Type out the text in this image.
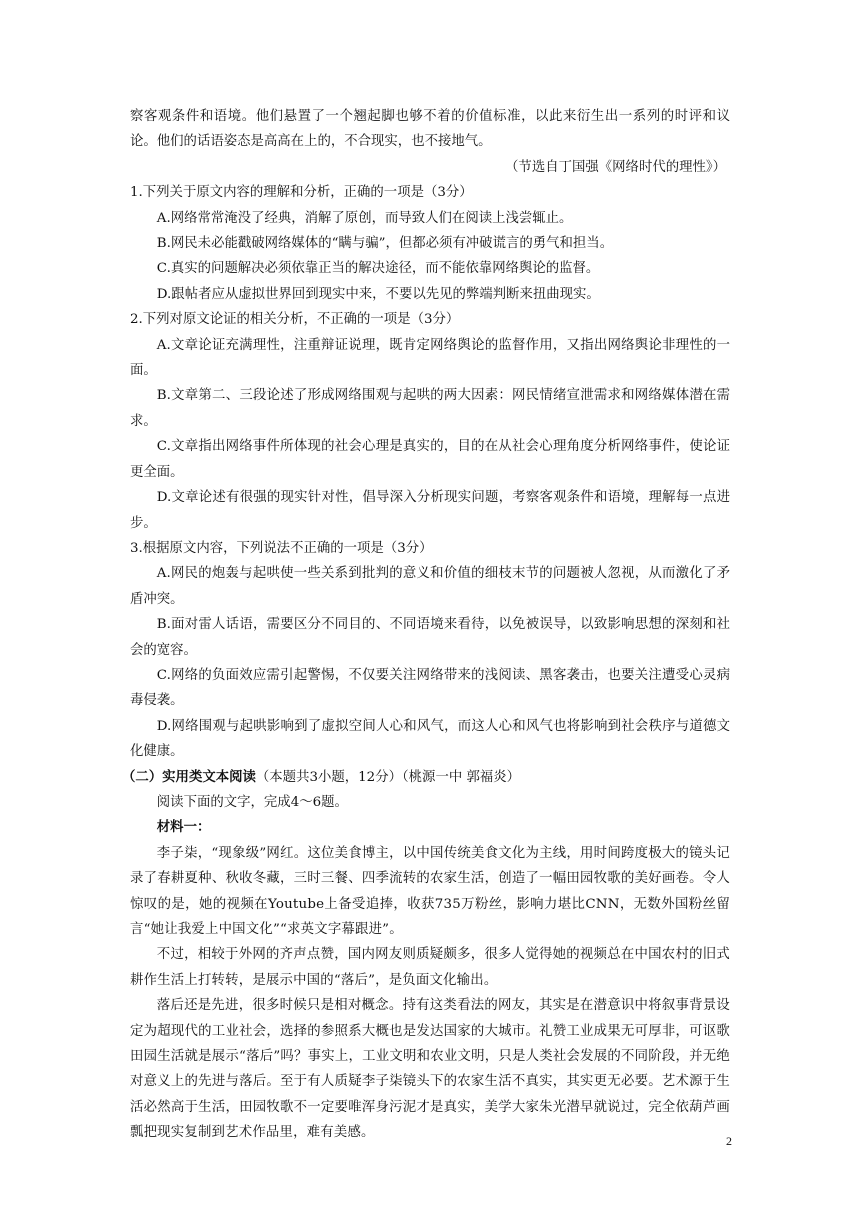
察客观条件和语境。他们悬置了一个翘起脚也够不着的价值标准，以此来衍生出一系列的时评和议论。他们的话语姿态是高高在上的，不合现实，也不接地气。

（节选自丁国强《网络时代的理性》）

1.下列关于原文内容的理解和分析，正确的一项是（3分）

A.网络常常淹没了经典，消解了原创，而导致人们在阅读上浅尝辄止。

B.网民未必能戳破网络媒体的“瞒与骗”，但都必须有冲破谎言的勇气和担当。

C.真实的问题解决必须依靠正当的解决途径，而不能依靠网络舆论的监督。

D.跟帖者应从虚拟世界回到现实中来，不要以先见的弊端判断来扭曲现实。

2.下列对原文论证的相关分析，不正确的一项是（3分）

A.文章论证充满理性，注重辩证说理，既肯定网络舆论的监督作用，又指出网络舆论非理性的一面。

B.文章第二、三段论述了形成网络围观与起哄的两大因素：网民情绪宣泄需求和网络媒体潜在需求。

C.文章指出网络事件所体现的社会心理是真实的，目的在从社会心理角度分析网络事件，使论证更全面。

D.文章论述有很强的现实针对性，倡导深入分析现实问题，考察客观条件和语境，理解每一点进步。

3.根据原文内容，下列说法不正确的一项是（3分）

A.网民的炮轰与起哄使一些关系到批判的意义和价值的细枝末节的问题被人忽视，从而激化了矛盾冲突。

B.面对雷人话语，需要区分不同目的、不同语境来看待，以免被误导，以致影响思想的深刻和社会的宽容。

C.网络的负面效应需引起警惕，不仅要关注网络带来的浅阅读、黑客袭击，也要关注遭受心灵病毒侵袭。

D.网络围观与起哄影响到了虚拟空间人心和风气，而这人心和风气也将影响到社会秩序与道德文化健康。

（二）实用类文本阅读（本题共3小题，12分）（桃源一中 郭福炎）

阅读下面的文字，完成4～6题。

材料一：

李子柒，“现象级”网红。这位美食博主，以中国传统美食文化为主线，用时间跨度极大的镜头记录了春耕夏种、秋收冬藏，三时三餐、四季流转的农家生活，创造了一幅田园牧歌的美好画卷。令人惊叹的是，她的视频在Youtube上备受追捧，收获735万粉丝，影响力堪比CNN，无数外国粉丝留言“她让我爱上中国文化”“求英文字幕跟进”。

不过，相较于外网的齐声点赞，国内网友则质疑颇多，很多人觉得她的视频总在中国农村的旧式耕作生活上打转转，是展示中国的“落后”，是负面文化输出。

落后还是先进，很多时候只是相对概念。持有这类看法的网友，其实是在潜意识中将叙事背景设定为超现代的工业社会，选择的参照系大概也是发达国家的大城市。礼赞工业成果无可厚非，可讴歌田园生活就是展示“落后”吗？事实上，工业文明和农业文明，只是人类社会发展的不同阶段，并无绝对意义上的先进与落后。至于有人质疑李子柒镜头下的农家生活不真实，其实更无必要。艺术源于生活必然高于生活，田园牧歌不一定要唯浑身污泥才是真实，美学大家朱光潜早就说过，完全依葫芦画瓢把现实复制到艺术作品里，难有美感。

2
